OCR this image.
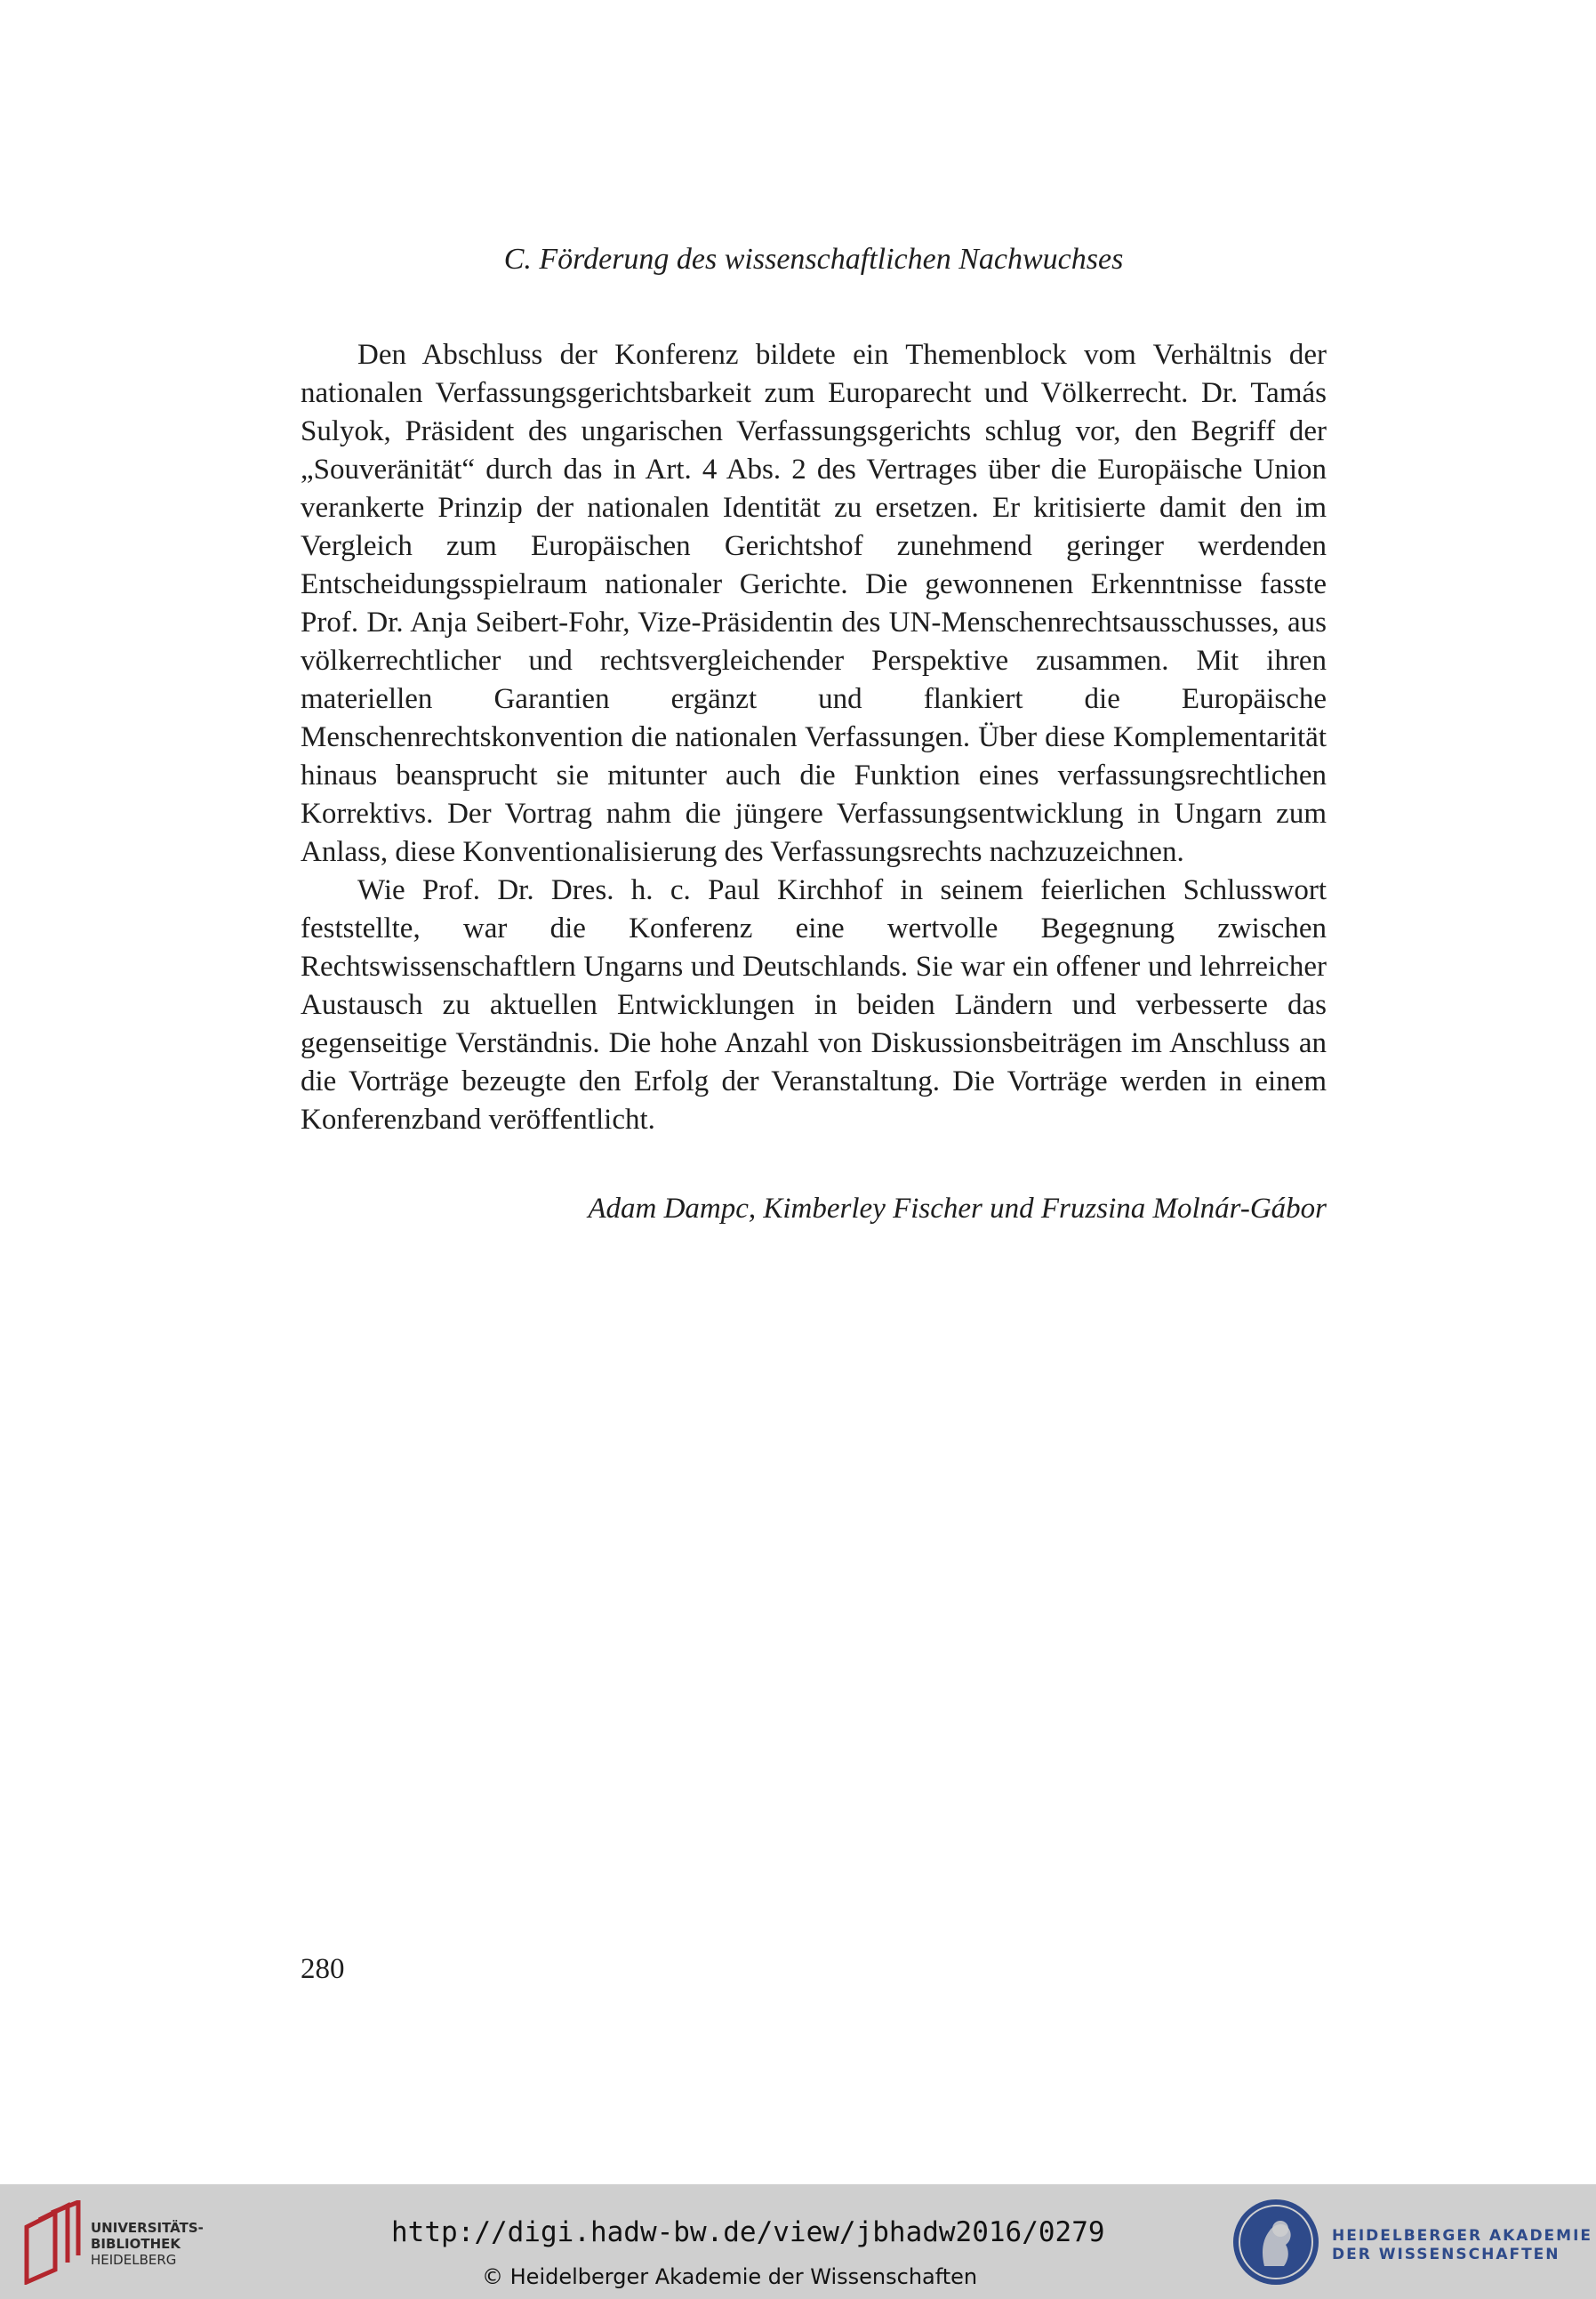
C. Förderung des wissenschaftlichen Nachwuchses

Den Abschluss der Konferenz bildete ein Themenblock vom Verhältnis der nationalen Verfassungsgerichtsbarkeit zum Europarecht und Völkerrecht. Dr. Tamás Sulyok, Präsident des ungarischen Verfassungsgerichts schlug vor, den Begriff der „Souveränität“ durch das in Art. 4 Abs. 2 des Vertrages über die Europäische Union verankerte Prinzip der nationalen Identität zu ersetzen. Er kritisierte damit den im Vergleich zum Europäischen Gerichtshof zunehmend geringer werdenden Entscheidungsspielraum nationaler Gerichte. Die gewonnenen Erkenntnisse fasste Prof. Dr. Anja Seibert-Fohr, Vize-Präsidentin des UN-Menschenrechtsausschusses, aus völkerrechtlicher und rechtsvergleichender Perspektive zusammen. Mit ihren materiellen Garantien ergänzt und flankiert die Europäische Menschenrechtskonvention die nationalen Verfassungen. Über diese Komplementarität hinaus beansprucht sie mitunter auch die Funktion eines verfassungsrechtlichen Korrektivs. Der Vortrag nahm die jüngere Verfassungsentwicklung in Ungarn zum Anlass, diese Konventionalisierung des Verfassungsrechts nachzuzeichnen.

Wie Prof. Dr. Dres. h. c. Paul Kirchhof in seinem feierlichen Schlusswort feststellte, war die Konferenz eine wertvolle Begegnung zwischen Rechtswissenschaftlern Ungarns und Deutschlands. Sie war ein offener und lehrreicher Austausch zu aktuellen Entwicklungen in beiden Ländern und verbesserte das gegenseitige Verständnis. Die hohe Anzahl von Diskussionsbeiträgen im Anschluss an die Vorträge bezeugte den Erfolg der Veranstaltung. Die Vorträge werden in einem Konferenzband veröffentlicht.

Adam Dampc, Kimberley Fischer und Fruzsina Molnár-Gábor
280
UNIVERSITÄTS-
BIBLIOTHEK
HEIDELBERG
http://digi.hadw-bw.de/view/jbhadw2016/0279
© Heidelberger Akademie der Wissenschaften
HEIDELBERGER AKADEMIE
DER WISSENSCHAFTEN
